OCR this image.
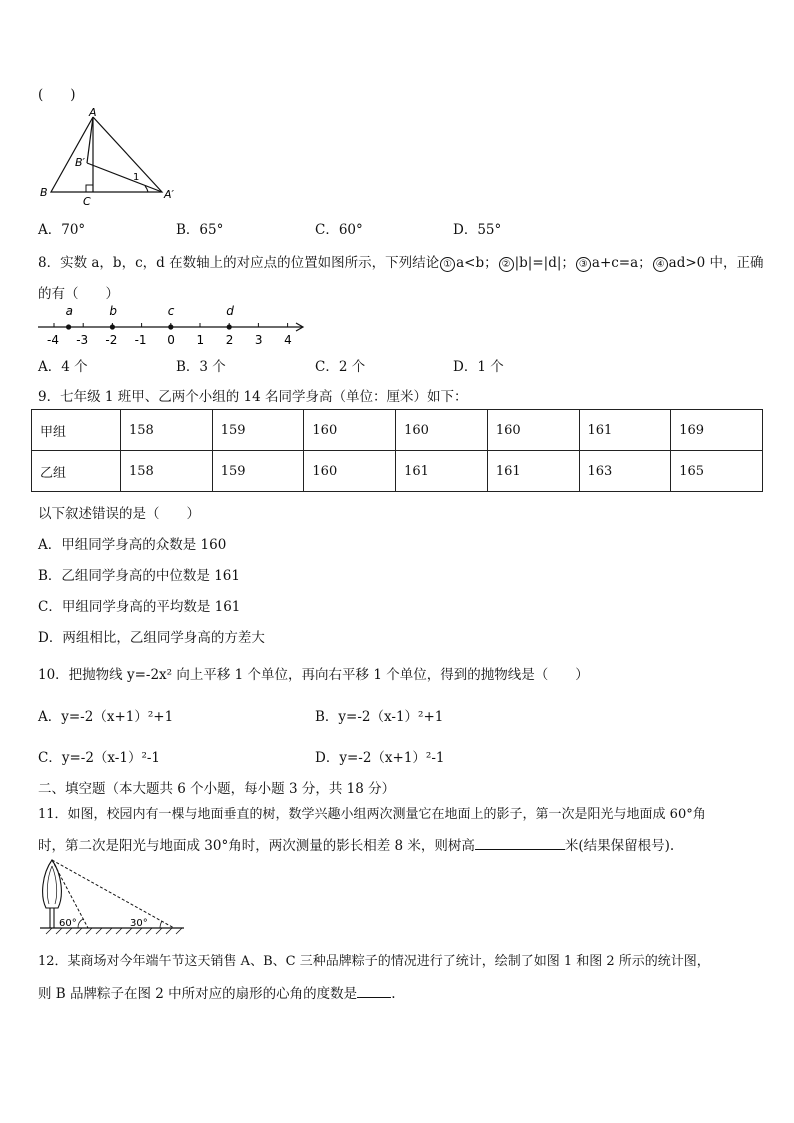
(　　)
A
B′
B
C
A′
1
A．70°	B．65°	C．60°	D．55°
8．实数 a，b，c，d 在数轴上的对应点的位置如图所示，下列结论 ① a<b； ② |b|=|d|； ③ a+c=a； ④ ad>0 中，正确
的有（　　）
-4 -3 -2 -1 0 1 2 3 4
a	b	c	d
A．4 个	B．3 个	C．2 个	D．1 个
9．七年级 1 班甲、乙两个小组的 14 名同学身高（单位：厘米）如下：
甲组	158	159	160	160	160	161	169
乙组	158	159	160	161	161	163	165
以下叙述错误的是（　　）
A．甲组同学身高的众数是 160
B．乙组同学身高的中位数是 161
C．甲组同学身高的平均数是 161
D．两组相比，乙组同学身高的方差大
10．把抛物线 y=-2x² 向上平移 1 个单位，再向右平移 1 个单位，得到的抛物线是（　　）
A．y=-2（x+1）²+1	B．y=-2（x-1）²+1
C．y=-2（x-1）²-1	D．y=-2（x+1）²-1
二、填空题（本大题共 6 个小题，每小题 3 分，共 18 分）
11．如图，校园内有一棵与地面垂直的树，数学兴趣小组两次测量它在地面上的影子，第一次是阳光与地面成 60°角
时，第二次是阳光与地面成 30°角时，两次测量的影长相差 8 米，则树高	米(结果保留根号).
60°	30°
12．某商场对今年端午节这天销售 A、B、C 三种品牌粽子的情况进行了统计，绘制了如图 1 和图 2 所示的统计图，
则 B 品牌粽子在图 2 中所对应的扇形的心角的度数是	.
